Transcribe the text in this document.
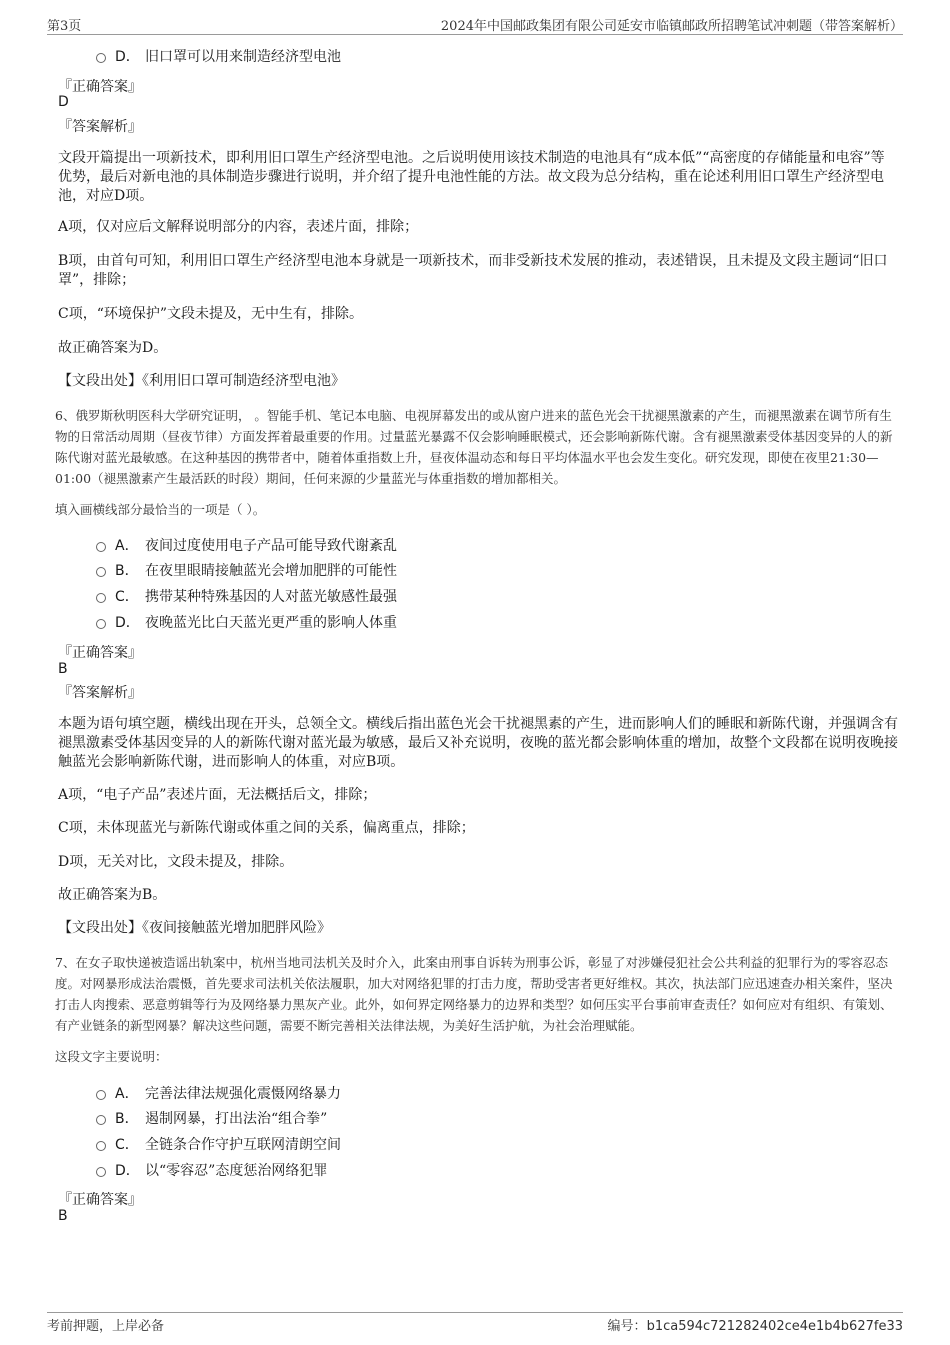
第3页	2024年中国邮政集团有限公司延安市临镇邮政所招聘笔试冲刺题（带答案解析）
D． 旧口罩可以用来制造经济型电池
『正确答案』
D
『答案解析』
文段开篇提出一项新技术，即利用旧口罩生产经济型电池。之后说明使用该技术制造的电池具有“成本低”“高密度的存储能量和电容”等优势，最后对新电池的具体制造步骤进行说明，并介绍了提升电池性能的方法。故文段为总分结构，重在论述利用旧口罩生产经济型电池，对应D项。
A项，仅对应后文解释说明部分的内容，表述片面，排除；
B项，由首句可知，利用旧口罩生产经济型电池本身就是一项新技术，而非受新技术发展的推动，表述错误，且未提及文段主题词“旧口罩”，排除；
C项，“环境保护”文段未提及，无中生有，排除。
故正确答案为D。
【文段出处】《利用旧口罩可制造经济型电池》
6、俄罗斯秋明医科大学研究证明， 。智能手机、笔记本电脑、电视屏幕发出的或从窗户进来的蓝色光会干扰褪黑激素的产生，而褪黑激素在调节所有生物的日常活动周期（昼夜节律）方面发挥着最重要的作用。过量蓝光暴露不仅会影响睡眠模式，还会影响新陈代谢。含有褪黑激素受体基因变异的人的新陈代谢对蓝光最敏感。在这种基因的携带者中，随着体重指数上升，昼夜体温动态和每日平均体温水平也会发生变化。研究发现，即使在夜里21:30—01:00（褪黑激素产生最活跃的时段）期间，任何来源的少量蓝光与体重指数的增加都相关。
填入画横线部分最恰当的一项是（ ）。
A． 夜间过度使用电子产品可能导致代谢紊乱
B． 在夜里眼睛接触蓝光会增加肥胖的可能性
C． 携带某种特殊基因的人对蓝光敏感性最强
D． 夜晚蓝光比白天蓝光更严重的影响人体重
『正确答案』
B
『答案解析』
本题为语句填空题，横线出现在开头，总领全文。横线后指出蓝色光会干扰褪黑素的产生，进而影响人们的睡眠和新陈代谢，并强调含有褪黑激素受体基因变异的人的新陈代谢对蓝光最为敏感，最后又补充说明，夜晚的蓝光都会影响体重的增加，故整个文段都在说明夜晚接触蓝光会影响新陈代谢，进而影响人的体重，对应B项。
A项，“电子产品”表述片面，无法概括后文，排除；
C项，未体现蓝光与新陈代谢或体重之间的关系，偏离重点，排除；
D项，无关对比，文段未提及，排除。
故正确答案为B。
【文段出处】《夜间接触蓝光增加肥胖风险》
7、在女子取快递被造谣出轨案中，杭州当地司法机关及时介入，此案由刑事自诉转为刑事公诉，彰显了对涉嫌侵犯社会公共利益的犯罪行为的零容忍态度。对网暴形成法治震慑，首先要求司法机关依法履职，加大对网络犯罪的打击力度，帮助受害者更好维权。其次，执法部门应迅速查办相关案件，坚决打击人肉搜索、恶意剪辑等行为及网络暴力黑灰产业。此外，如何界定网络暴力的边界和类型？如何压实平台事前审查责任？如何应对有组织、有策划、有产业链条的新型网暴？解决这些问题，需要不断完善相关法律法规，为美好生活护航，为社会治理赋能。
这段文字主要说明：
A． 完善法律法规强化震慑网络暴力
B． 遏制网暴，打出法治“组合拳”
C． 全链条合作守护互联网清朗空间
D． 以“零容忍”态度惩治网络犯罪
『正确答案』
B
考前押题，上岸必备	编号：b1ca594c721282402ce4e1b4b627fe33
